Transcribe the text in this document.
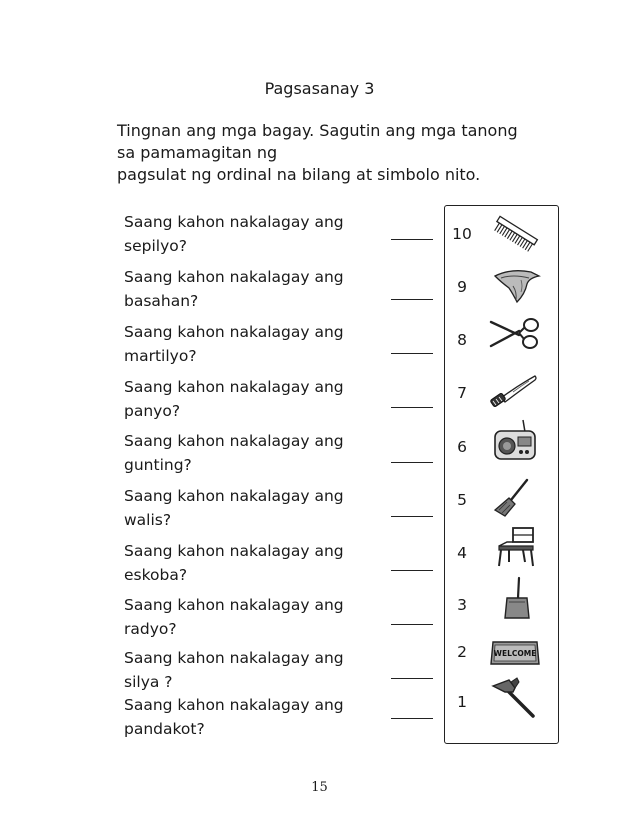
Pagsasanay 3
Tingnan ang mga bagay. Sagutin ang mga tanong
sa pamamagitan ng
pagsulat ng ordinal na bilang at simbolo nito.
Saang kahon nakalagay ang
sepilyo?
Saang kahon nakalagay ang
basahan?
Saang kahon nakalagay ang
martilyo?
Saang kahon nakalagay ang
panyo?
Saang kahon nakalagay ang
gunting?
Saang kahon nakalagay ang
walis?
Saang kahon nakalagay ang
eskoba?
Saang kahon nakalagay ang
radyo?
Saang kahon nakalagay ang
silya ?
Saang kahon nakalagay ang
pandakot?
10
9
8
7
6
5
4
3
2	WELCOME
1
15
